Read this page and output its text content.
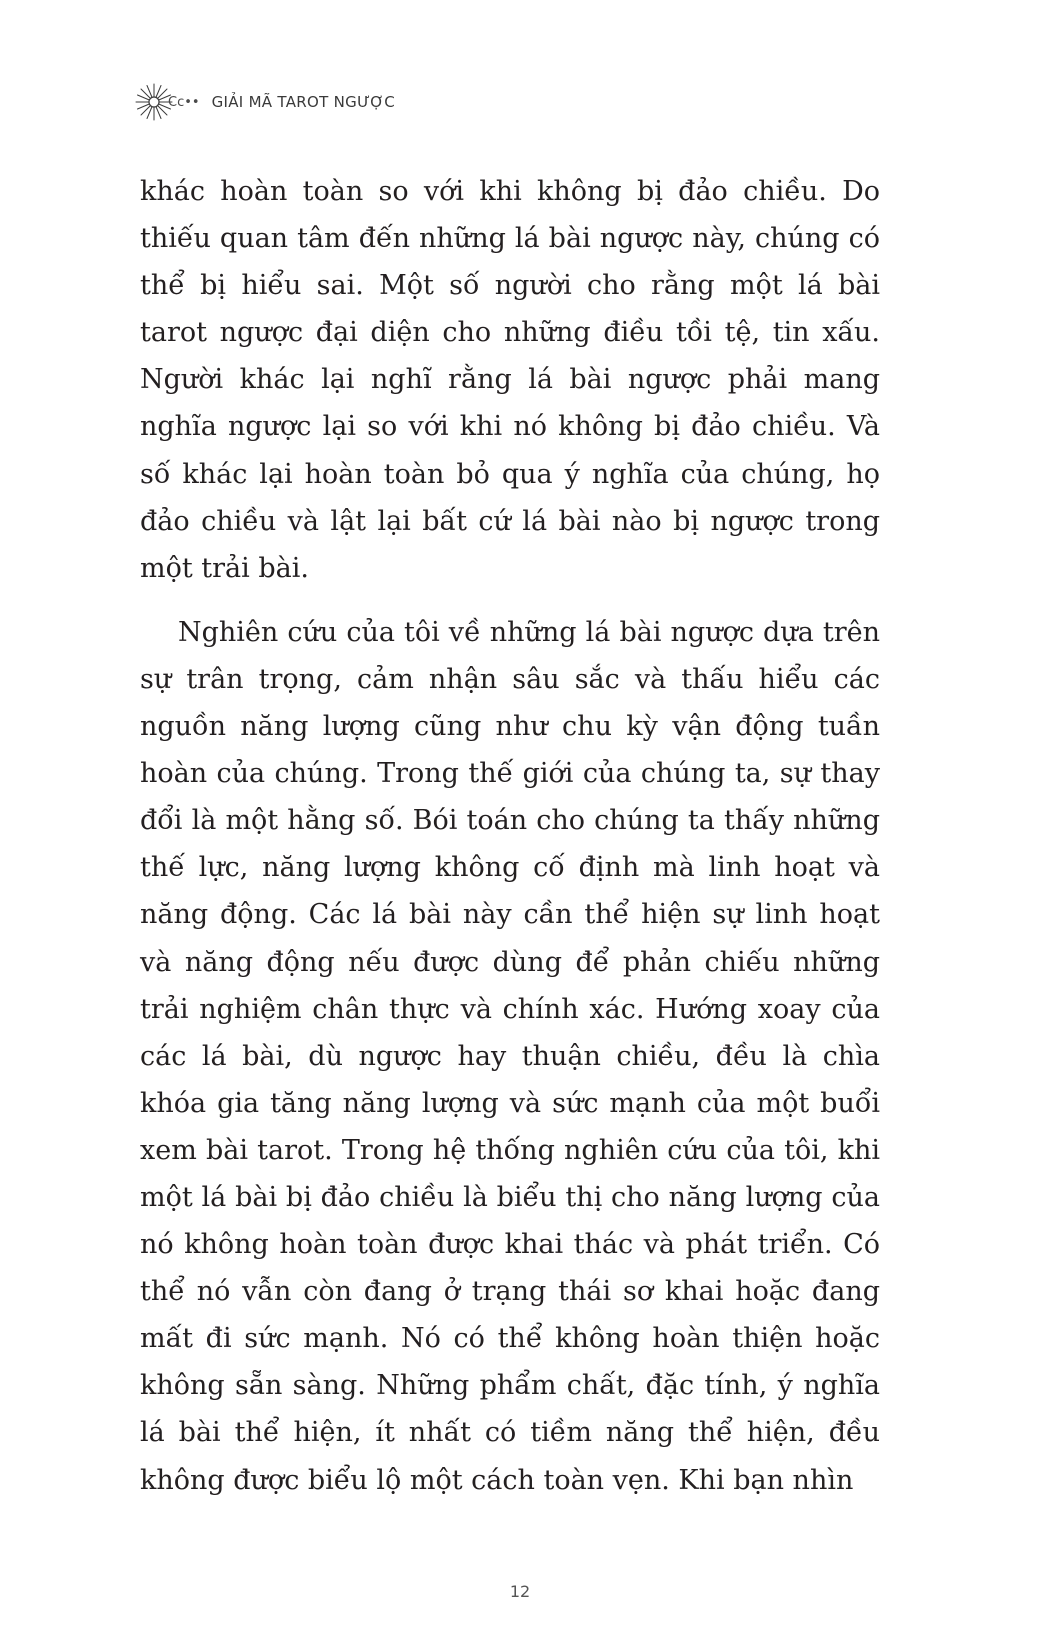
Cc•• GIẢI MÃ TAROT NGƯỢC

khác hoàn toàn so với khi không bị đảo chiều. Do thiếu quan tâm đến những lá bài ngược này, chúng có thể bị hiểu sai. Một số người cho rằng một lá bài tarot ngược đại diện cho những điều tồi tệ, tin xấu. Người khác lại nghĩ rằng lá bài ngược phải mang nghĩa ngược lại so với khi nó không bị đảo chiều. Và số khác lại hoàn toàn bỏ qua ý nghĩa của chúng, họ đảo chiều và lật lại bất cứ lá bài nào bị ngược trong một trải bài.

Nghiên cứu của tôi về những lá bài ngược dựa trên sự trân trọng, cảm nhận sâu sắc và thấu hiểu các nguồn năng lượng cũng như chu kỳ vận động tuần hoàn của chúng. Trong thế giới của chúng ta, sự thay đổi là một hằng số. Bói toán cho chúng ta thấy những thế lực, năng lượng không cố định mà linh hoạt và năng động. Các lá bài này cần thể hiện sự linh hoạt và năng động nếu được dùng để phản chiếu những trải nghiệm chân thực và chính xác. Hướng xoay của các lá bài, dù ngược hay thuận chiều, đều là chìa khóa gia tăng năng lượng và sức mạnh của một buổi xem bài tarot. Trong hệ thống nghiên cứu của tôi, khi một lá bài bị đảo chiều là biểu thị cho năng lượng của nó không hoàn toàn được khai thác và phát triển. Có thể nó vẫn còn đang ở trạng thái sơ khai hoặc đang mất đi sức mạnh. Nó có thể không hoàn thiện hoặc không sẵn sàng. Những phẩm chất, đặc tính, ý nghĩa lá bài thể hiện, ít nhất có tiềm năng thể hiện, đều không được biểu lộ một cách toàn vẹn. Khi bạn nhìn

12
